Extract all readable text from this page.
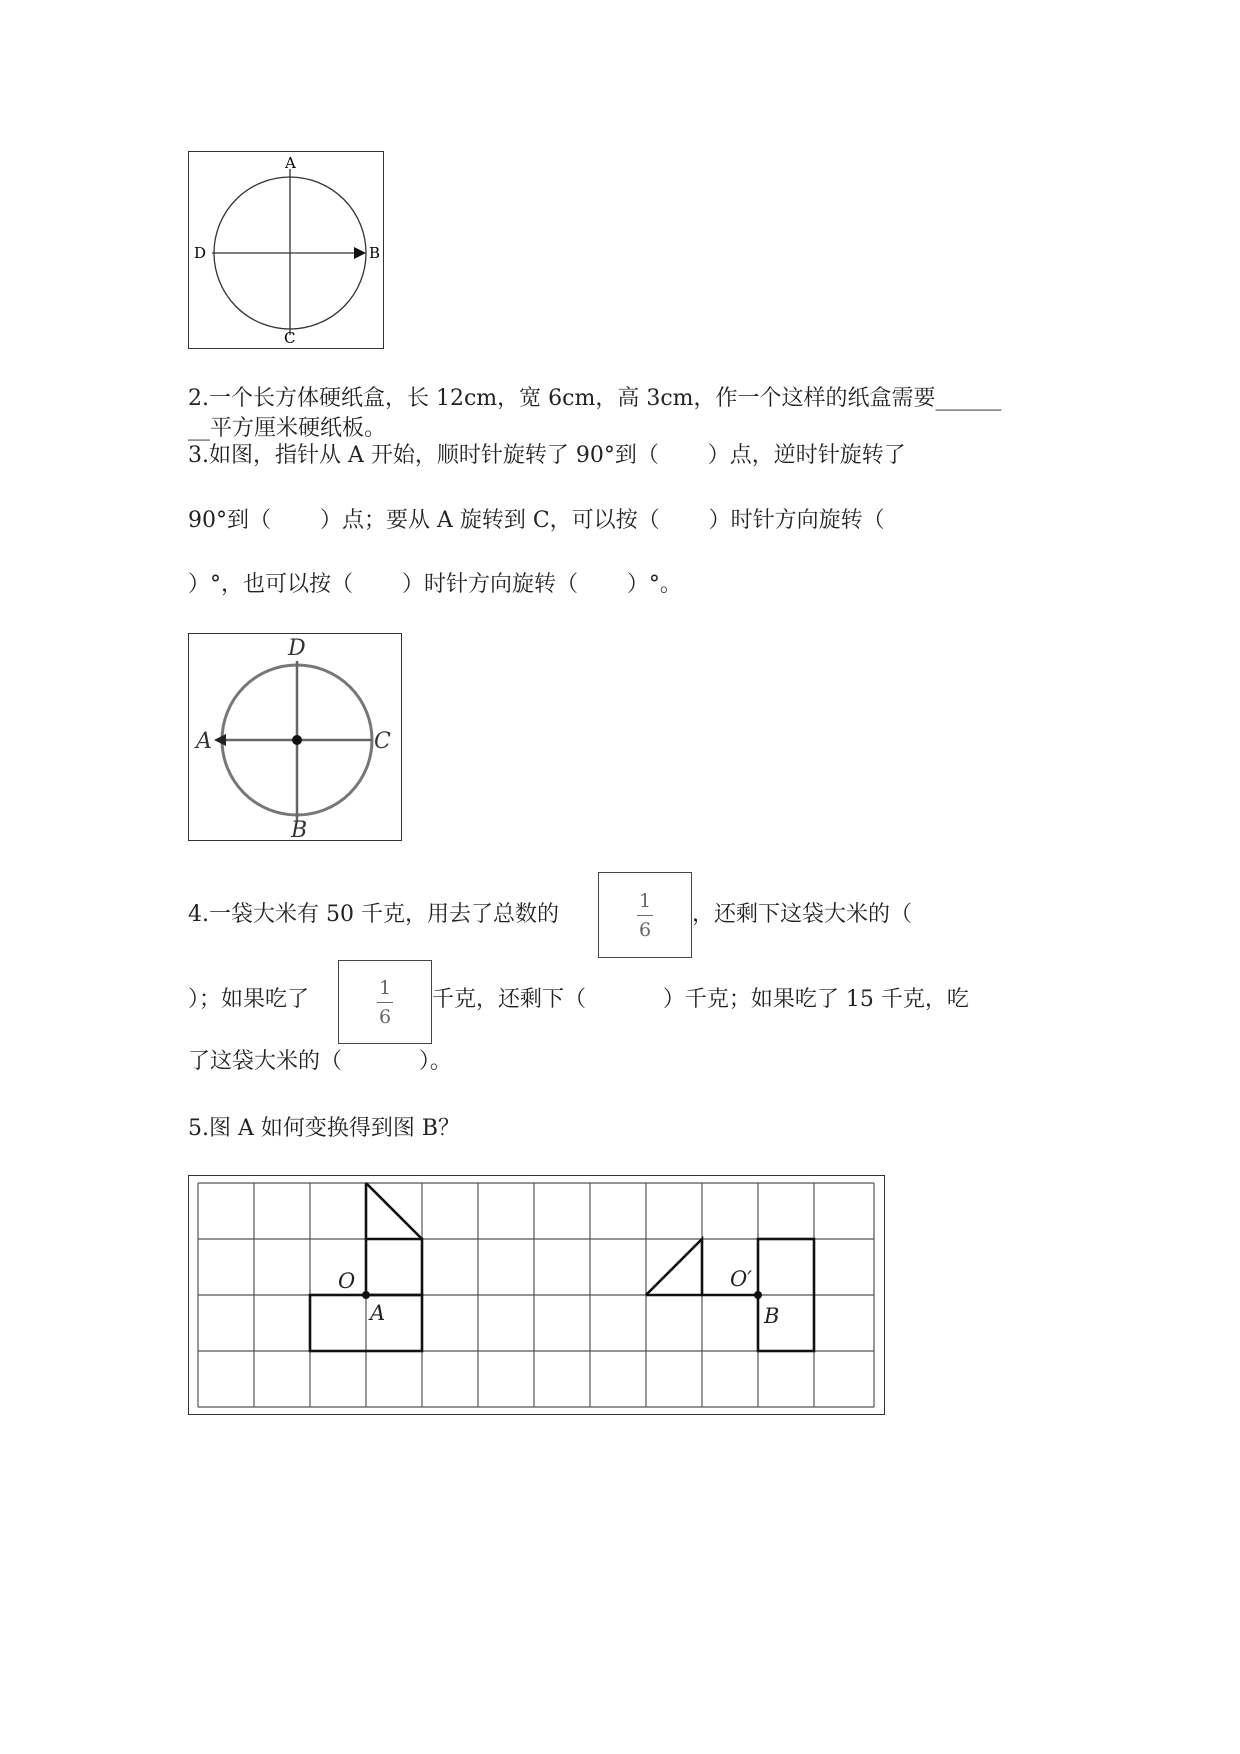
A
B
C
D
2.一个长方体硬纸盒，长 12cm，宽 6cm，高 3cm，作一个这样的纸盒需要______
__平方厘米硬纸板。
3.如图，指针从 A 开始，顺时针旋转了 90°到（       ）点，逆时针旋转了
90°到（       ）点；要从 A 旋转到 C，可以按（       ）时针方向旋转（
）°，也可以按（       ）时针方向旋转（       ）°。
D
A	C
B
4.一袋大米有 50 千克，用去了总数的
1
6
，还剩下这袋大米的（
）；如果吃了	1
6
千克，还剩下（           ）千克；如果吃了 15 千克，吃
了这袋大米的（           ）。
5.图 A 如何变换得到图 B？
O
A
O′
B
